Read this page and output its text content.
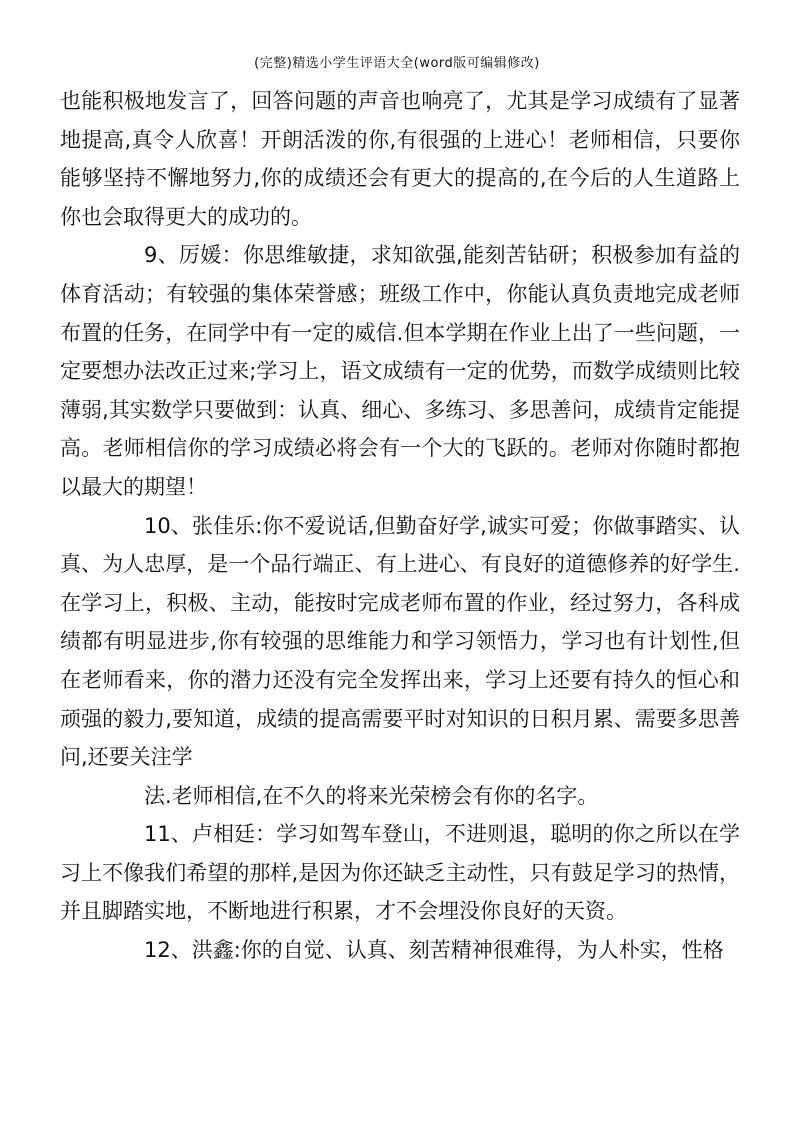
(完整)精选小学生评语大全(word版可编辑修改)

也能积极地发言了，回答问题的声音也响亮了，尤其是学习成绩有了显著地提高,真令人欣喜！开朗活泼的你,有很强的上进心！老师相信，只要你能够坚持不懈地努力,你的成绩还会有更大的提高的,在今后的人生道路上你也会取得更大的成功的。

9、厉媛：你思维敏捷，求知欲强,能刻苦钻研；积极参加有益的体育活动；有较强的集体荣誉感；班级工作中，你能认真负责地完成老师布置的任务，在同学中有一定的威信.但本学期在作业上出了一些问题，一定要想办法改正过来;学习上，语文成绩有一定的优势，而数学成绩则比较薄弱,其实数学只要做到：认真、细心、多练习、多思善问，成绩肯定能提高。老师相信你的学习成绩必将会有一个大的飞跃的。老师对你随时都抱以最大的期望！

10、张佳乐:你不爱说话,但勤奋好学,诚实可爱；你做事踏实、认真、为人忠厚，是一个品行端正、有上进心、有良好的道德修养的好学生.在学习上，积极、主动，能按时完成老师布置的作业，经过努力，各科成绩都有明显进步,你有较强的思维能力和学习领悟力，学习也有计划性,但在老师看来，你的潜力还没有完全发挥出来，学习上还要有持久的恒心和顽强的毅力,要知道，成绩的提高需要平时对知识的日积月累、需要多思善问,还要关注学

法.老师相信,在不久的将来光荣榜会有你的名字。

11、卢相廷：学习如驾车登山，不进则退，聪明的你之所以在学习上不像我们希望的那样,是因为你还缺乏主动性，只有鼓足学习的热情，并且脚踏实地，不断地进行积累，才不会埋没你良好的天资。

12、洪鑫:你的自觉、认真、刻苦精神很难得，为人朴实，性格
